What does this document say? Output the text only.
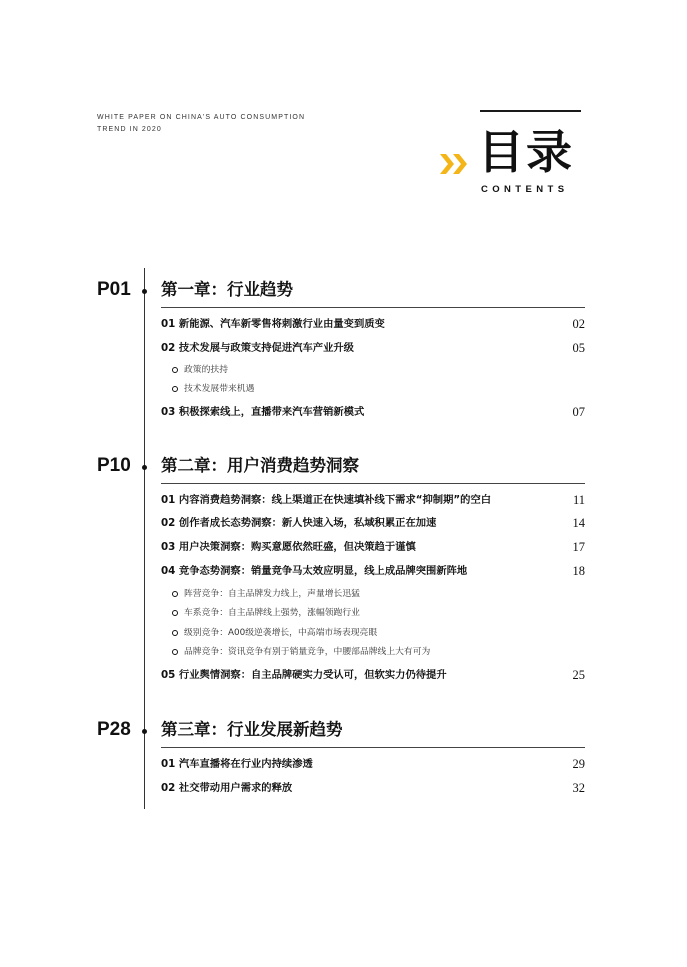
WHITE PAPER ON CHINA'S AUTO CONSUMPTION
TREND IN 2020	目录
CONTENTS
P01	第一章：行业趋势
01 新能源、汽车新零售将刺激行业由量变到质变	02
02 技术发展与政策支持促进汽车产业升级	05
政策的扶持
技术发展带来机遇
03 积极探索线上，直播带来汽车营销新模式	07
P10	第二章：用户消费趋势洞察
01 内容消费趋势洞察：线上渠道正在快速填补线下需求“抑制期”的空白	11
02 创作者成长态势洞察：新人快速入场，私域积累正在加速	14
03 用户决策洞察：购买意愿依然旺盛，但决策趋于谨慎	17
04 竞争态势洞察：销量竞争马太效应明显，线上成品牌突围新阵地	18
阵营竞争：自主品牌发力线上，声量增长迅猛
车系竞争：自主品牌线上强势，涨幅领跑行业
级别竞争：A00级逆袭增长，中高端市场表现亮眼
品牌竞争：资讯竞争有别于销量竞争，中腰部品牌线上大有可为
05 行业舆情洞察：自主品牌硬实力受认可，但软实力仍待提升	25
P28	第三章：行业发展新趋势
01 汽车直播将在行业内持续渗透	29
02 社交带动用户需求的释放	32
